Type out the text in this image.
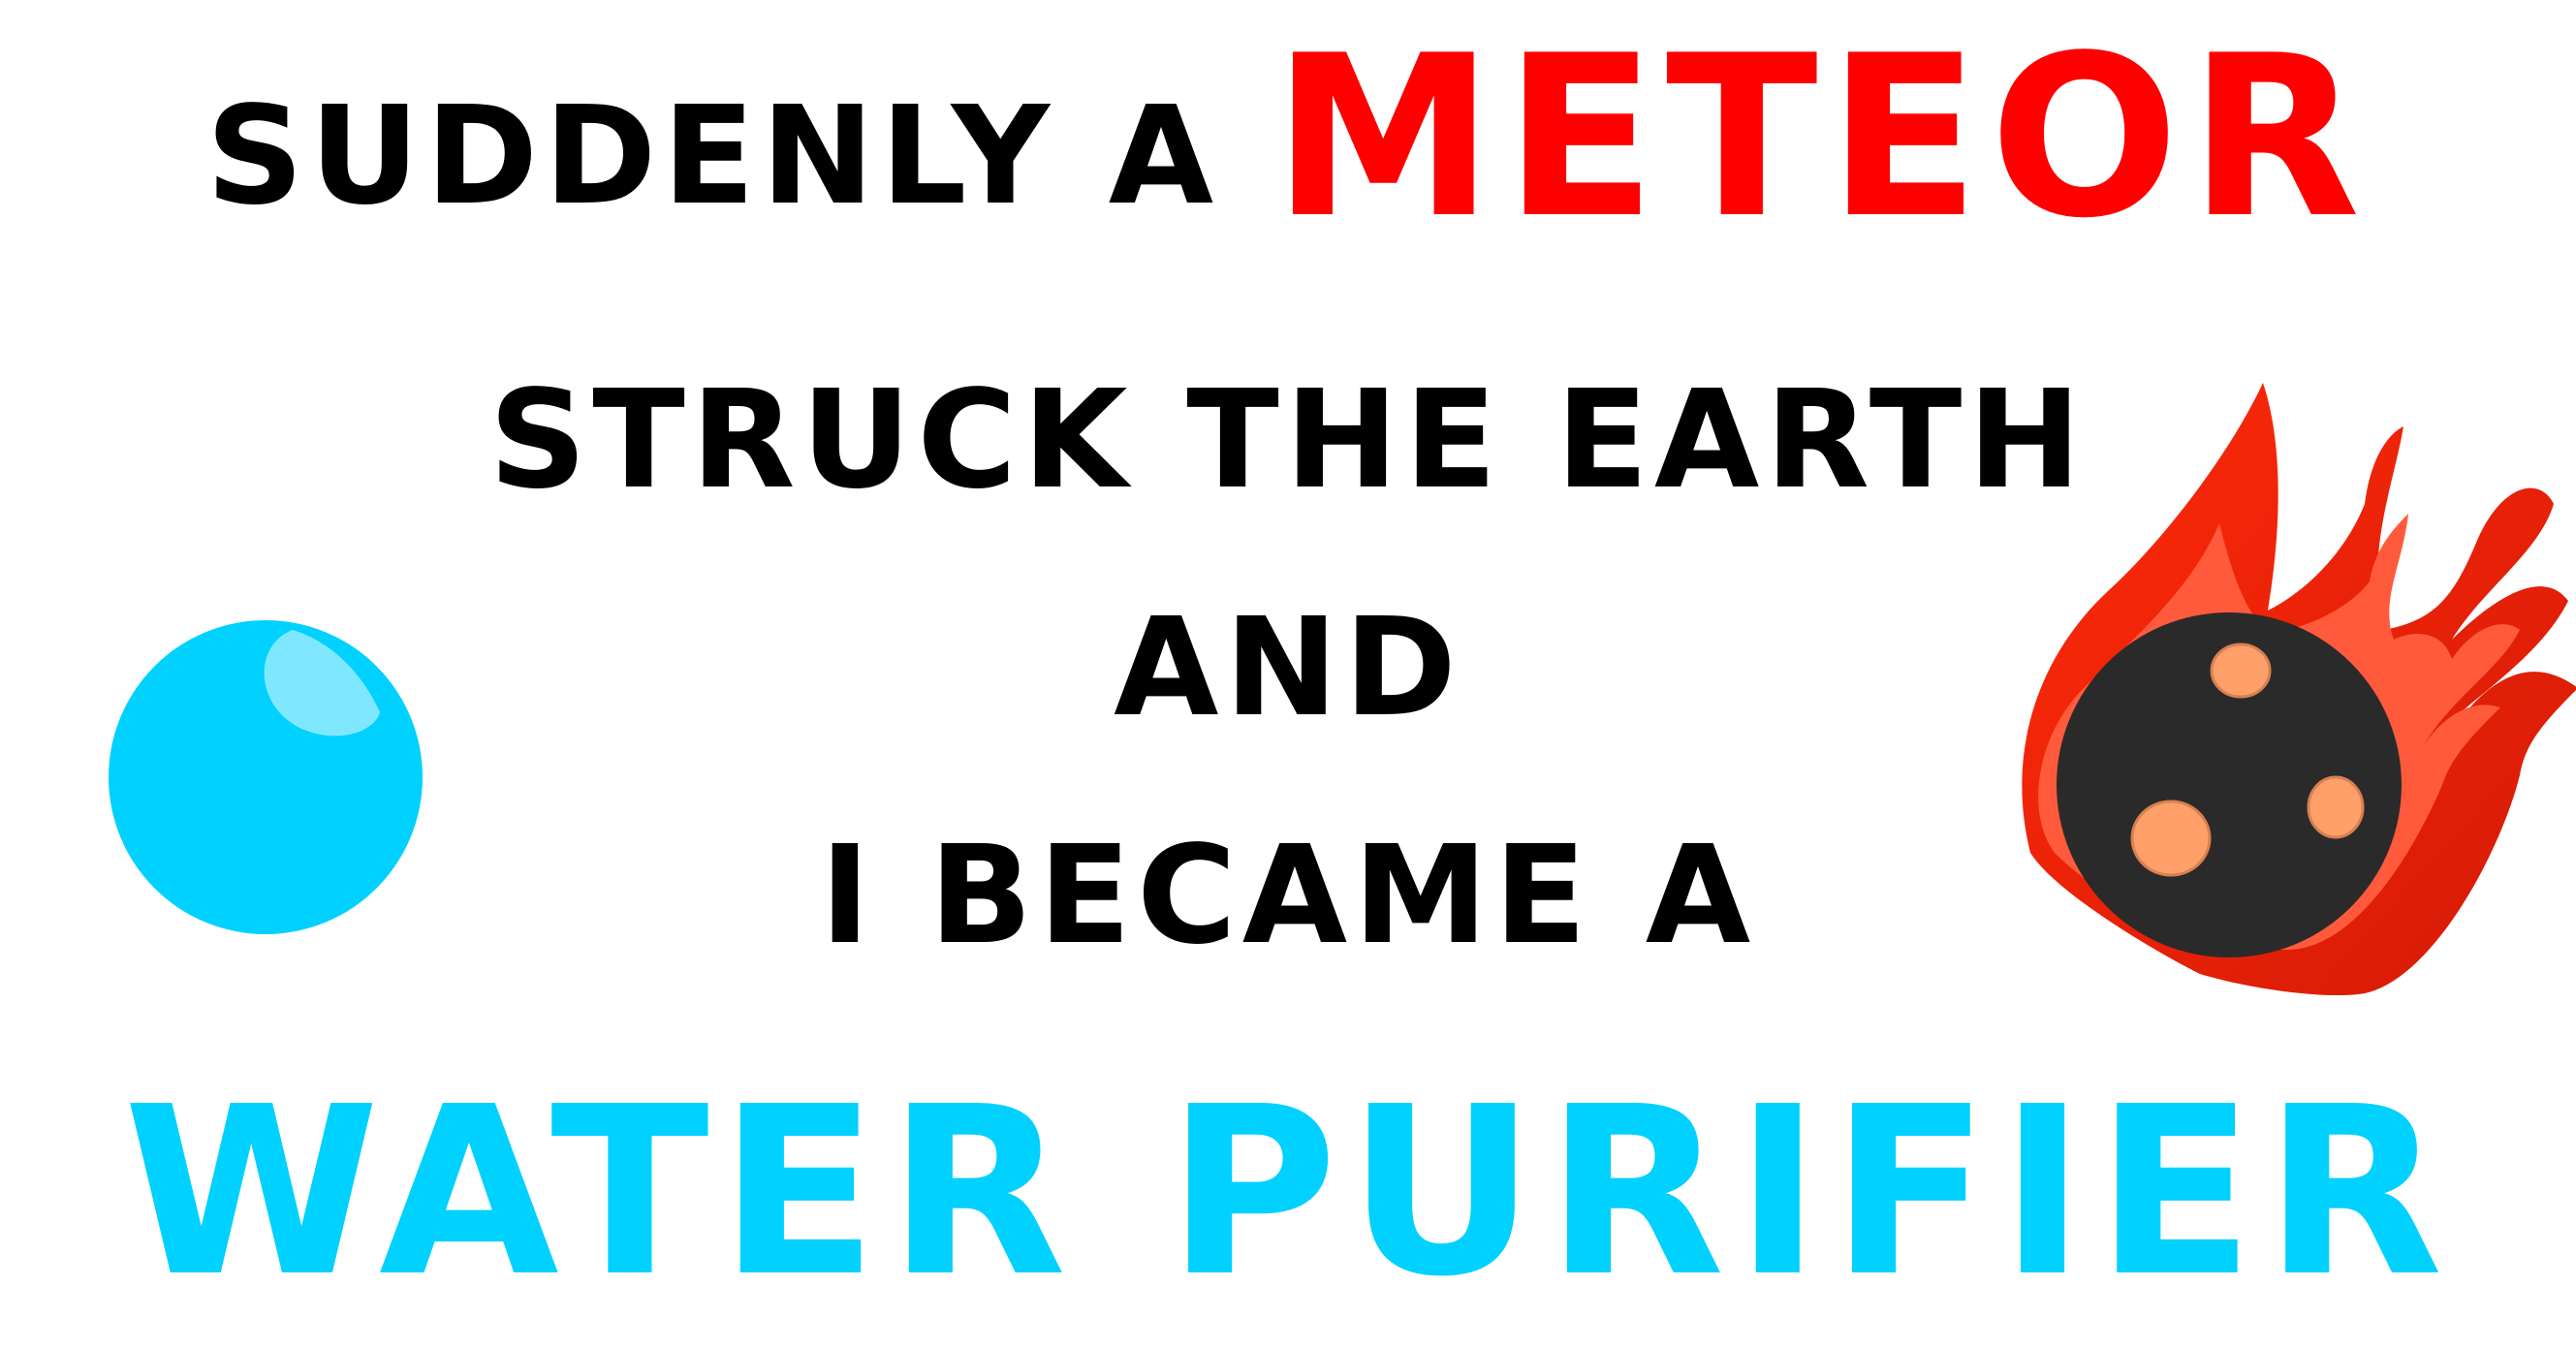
SUDDENLY A METEOR
STRUCK THE EARTH
AND
I BECAME A
WATER PURIFIER
